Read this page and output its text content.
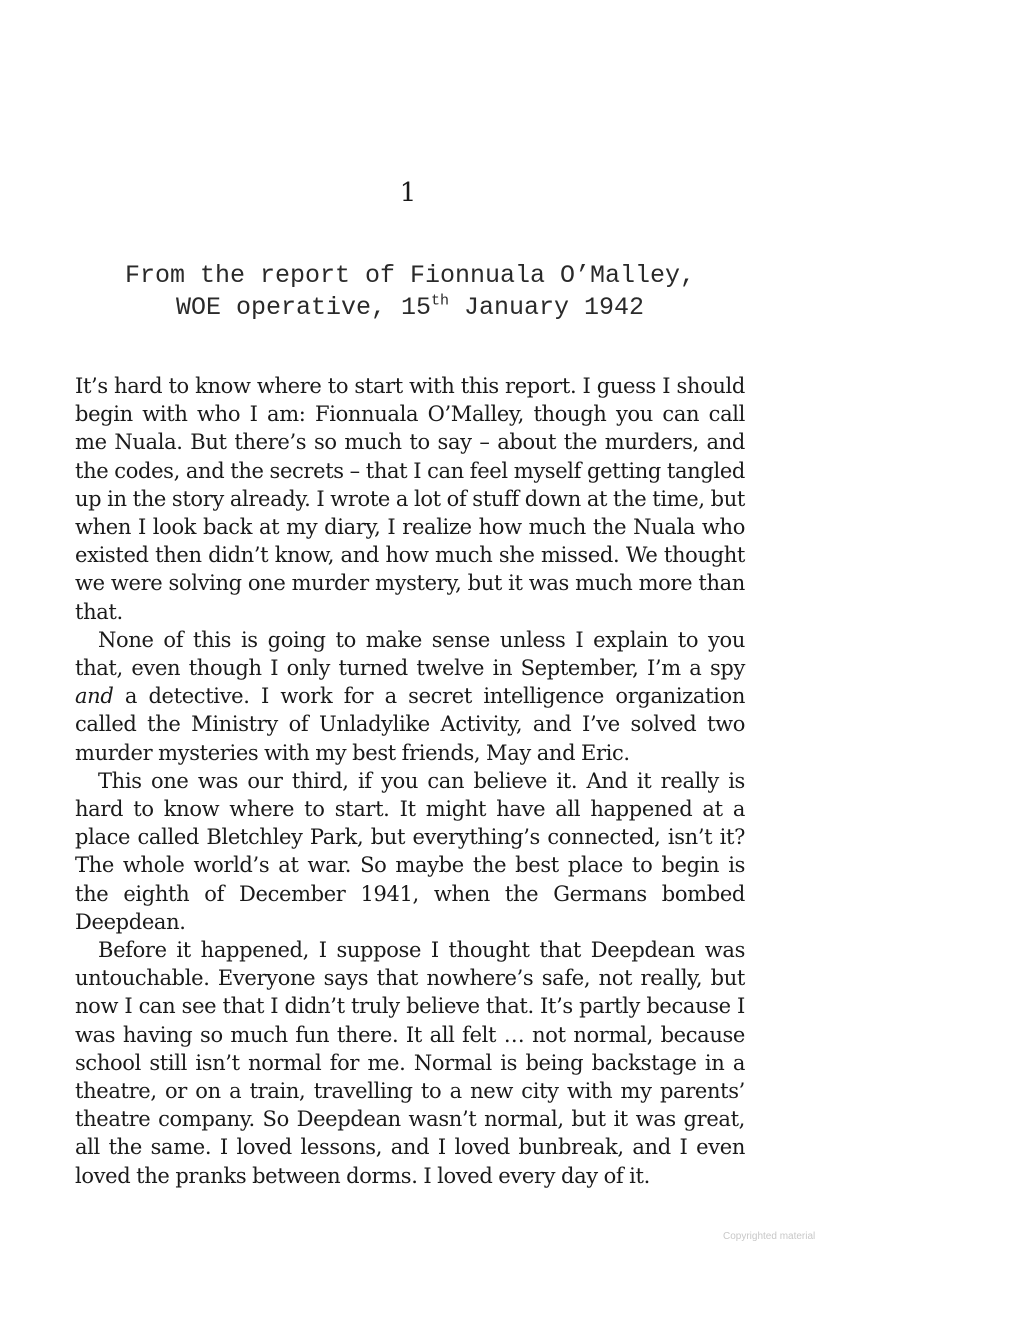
1
From the report of Fionnuala O’Malley,
WOE operative, 15th January 1942

It’s hard to know where to start with this report. I guess I should begin with who I am: Fionnuala O’Malley, though you can call me Nuala. But there’s so much to say – about the murders, and the codes, and the secrets – that I can feel myself getting tangled up in the story already. I wrote a lot of stuff down at the time, but when I look back at my diary, I realize how much the Nuala who existed then didn’t know, and how much she missed. We thought we were solving one murder mystery, but it was much more than that.

None of this is going to make sense unless I explain to you that, even though I only turned twelve in September, I’m a spy and a detective. I work for a secret intelligence organization called the Ministry of Unladylike Activity, and I’ve solved two murder mysteries with my best friends, May and Eric.

This one was our third, if you can believe it. And it really is hard to know where to start. It might have all happened at a place called Bletchley Park, but everything’s connected, isn’t it? The whole world’s at war. So maybe the best place to begin is the eighth of December 1941, when the Germans bombed Deepdean.

Before it happened, I suppose I thought that Deepdean was untouchable. Everyone says that nowhere’s safe, not really, but now I can see that I didn’t truly believe that. It’s partly because I was having so much fun there. It all felt … not normal, because school still isn’t normal for me. Normal is being backstage in a theatre, or on a train, travelling to a new city with my parents’ theatre company. So Deepdean wasn’t normal, but it was great, all the same. I loved lessons, and I loved bunbreak, and I even loved the pranks between dorms. I loved every day of it.

Copyrighted material
